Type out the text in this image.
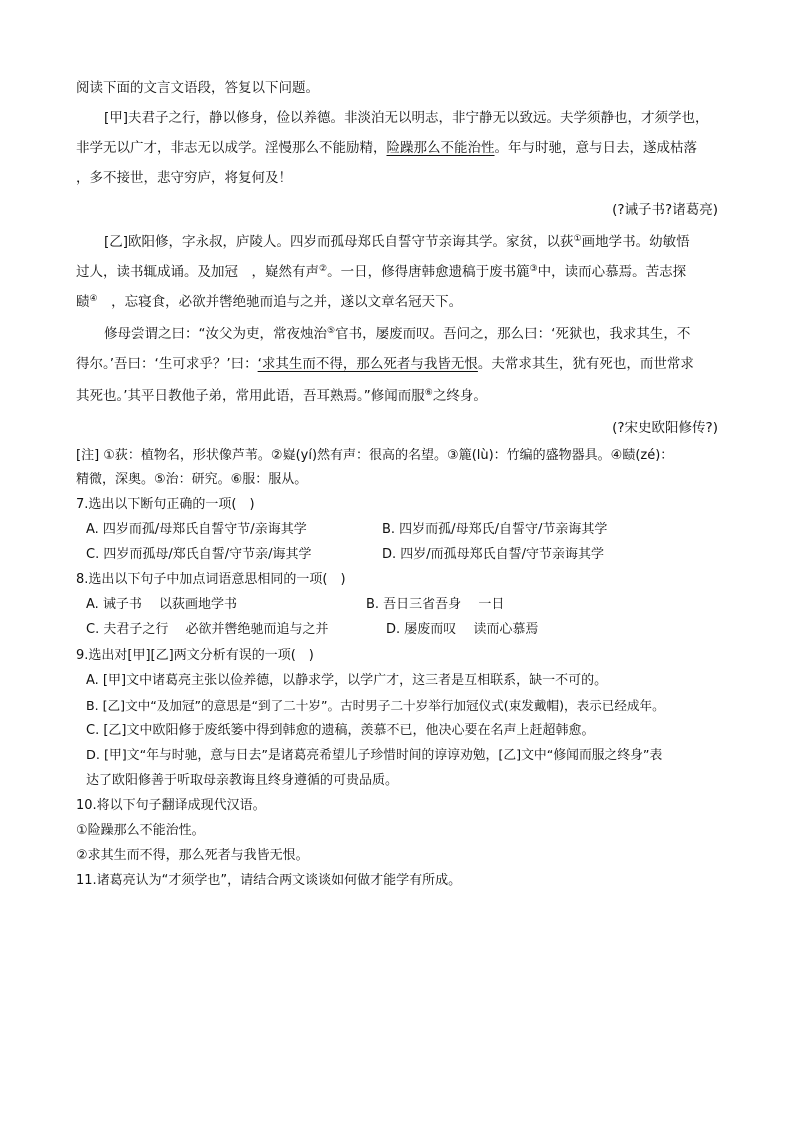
阅读下面的文言文语段，答复以下问题。
[甲]夫君子之行，静以修身，俭以养德。非淡泊无以明志，非宁静无以致远。夫学须静也，才须学也，
非学无以广才，非志无以成学。淫慢那么不能励精，险躁那么不能治性。年与时驰，意与日去，遂成枯落
，多不接世，悲守穷庐，将复何及！
(?诫子书?诸葛亮)
[乙]欧阳修，字永叔，庐陵人。四岁而孤母郑氏自誓守节亲诲其学。家贫，以荻①画地学书。幼敏悟
过人，读书辄成诵。及加冠　，嶷然有声②。一日，修得唐韩愈遗稿于废书簏③中，读而心慕焉。苦志探
赜④　，忘寝食，必欲并辔绝驰而追与之并，遂以文章名冠天下。
修母尝谓之曰：“汝父为吏，常夜烛治⑤官书，屡废而叹。吾问之，那么曰：‘死狱也，我求其生，不
得尔。’吾曰：‘生可求乎？’曰：‘求其生而不得，那么死者与我皆无恨。夫常求其生，犹有死也，而世常求
其死也。’其平日教他子弟，常用此语，吾耳熟焉。”修闻而服⑥之终身。
(?宋史欧阳修传?)
[注] ①荻：植物名，形状像芦苇。②嶷(yí)然有声：很高的名望。③簏(lù)：竹编的盛物器具。④赜(zé)：
精微，深奥。⑤治：研究。⑥服：服从。
7.选出以下断句正确的一项(　)
A. 四岁而孤/母郑氏自誓守节/亲诲其学	B. 四岁而孤/母郑氏/自誓守/节亲诲其学
C. 四岁而孤母/郑氏自誓/守节亲/诲其学	D. 四岁/而孤母郑氏自誓/守节亲诲其学
8.选出以下句子中加点词语意思相同的一项(　)
A. 诫子书　 以荻画地学书	B. 吾日三省吾身　 一日
C. 夫君子之行　 必欲并辔绝驰而追与之并	D. 屡废而叹　 读而心慕焉
9.选出对[甲][乙]两文分析有误的一项(　)
A. [甲]文中诸葛亮主张以俭养德，以静求学，以学广才，这三者是互相联系，缺一不可的。
B. [乙]文中“及加冠”的意思是“到了二十岁”。古时男子二十岁举行加冠仪式(束发戴帽)，表示已经成年。
C. [乙]文中欧阳修于废纸篓中得到韩愈的遗稿，羡慕不已，他决心要在名声上赶超韩愈。
D. [甲]文“年与时驰，意与日去”是诸葛亮希望儿子珍惜时间的谆谆劝勉，[乙]文中“修闻而服之终身”表
达了欧阳修善于听取母亲教诲且终身遵循的可贵品质。
10.将以下句子翻译成现代汉语。
①险躁那么不能治性。
②求其生而不得，那么死者与我皆无恨。
11.诸葛亮认为“才须学也”，请结合两文谈谈如何做才能学有所成。
